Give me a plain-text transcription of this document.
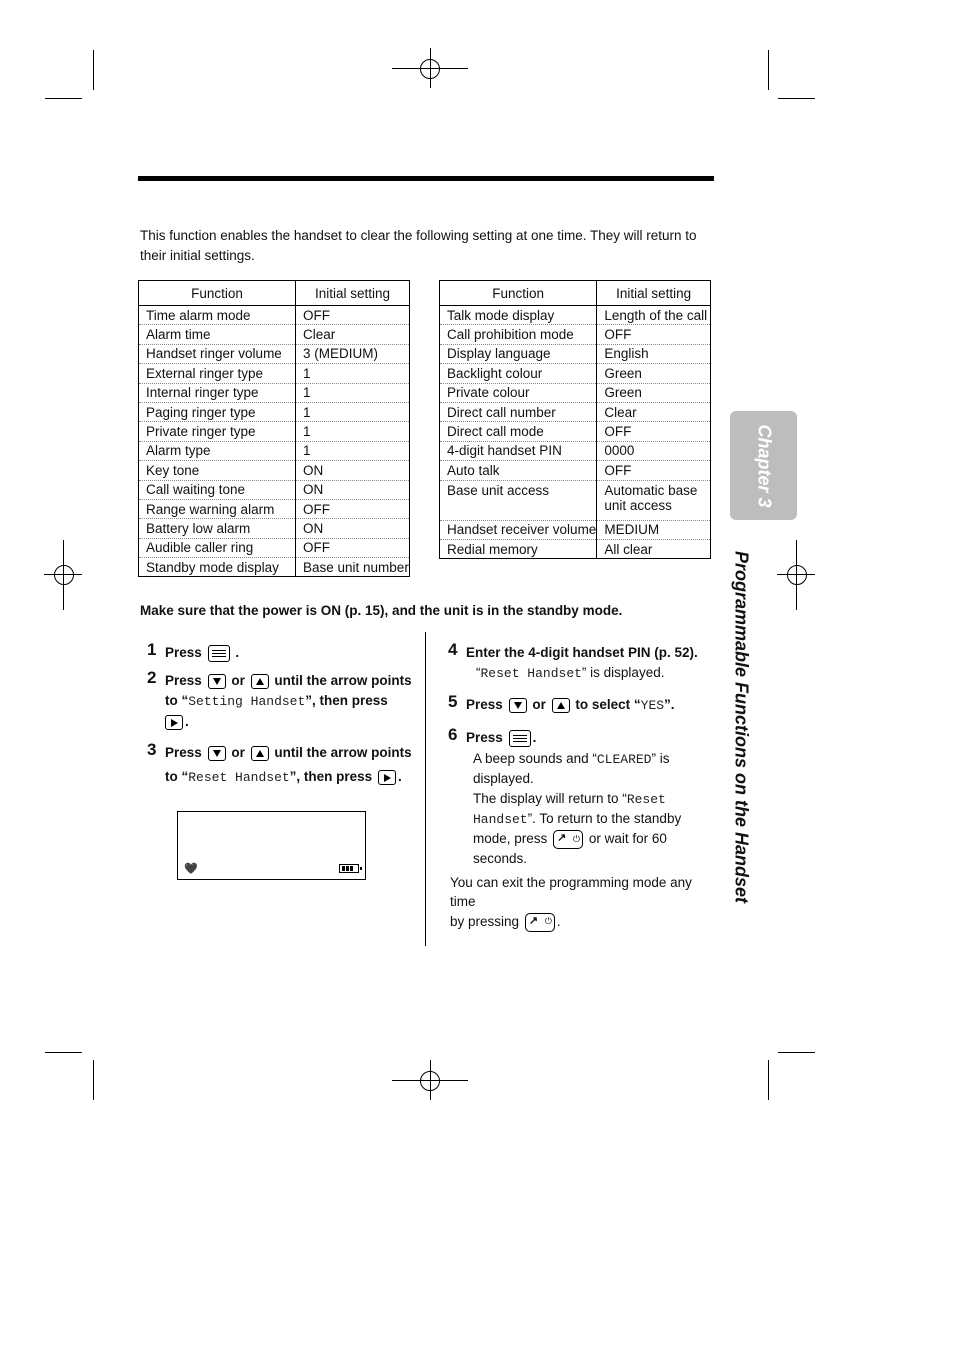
This function enables the handset to clear the following setting at one time. They will return to their initial settings.
Function	Initial setting
Time alarm mode	OFF
Alarm time	Clear
Handset ringer volume	3 (MEDIUM)
External ringer type	1
Internal ringer type	1
Paging ringer type	1
Private ringer type	1
Alarm type	1
Key tone	ON
Call waiting tone	ON
Range warning alarm	OFF
Battery low alarm	ON
Audible caller ring	OFF
Standby mode display	Base unit number
Function	Initial setting
Talk mode display	Length of the call
Call prohibition mode	OFF
Display language	English
Backlight colour	Green
Private colour	Green
Direct call number	Clear
Direct call mode	OFF
4-digit handset PIN	0000
Auto talk	OFF
Base unit access	Automatic base unit access
Handset receiver volume	MEDIUM
Redial memory	All clear
Make sure that the power is ON (p. 15), and the unit is in the standby mode.
1 Press .
2 Press or until the arrow points
to “Setting Handset”, then press
.
3 Press or until the arrow points
to “Reset Handset”, then press .
🖤
4 Enter the 4-digit handset PIN (p. 52).
“Reset Handset” is displayed.
5 Press or to select “YES”.
6 Press .
A beep sounds and “CLEARED” is
displayed.
The display will return to “Reset
Handset”. To return to the standby
mode, press ↗ ⏻	or wait for 60
seconds.
You can exit the programming mode any time
by pressing ↗ ⏻	.
Chapter 3
Programmable Functions on the Handset
